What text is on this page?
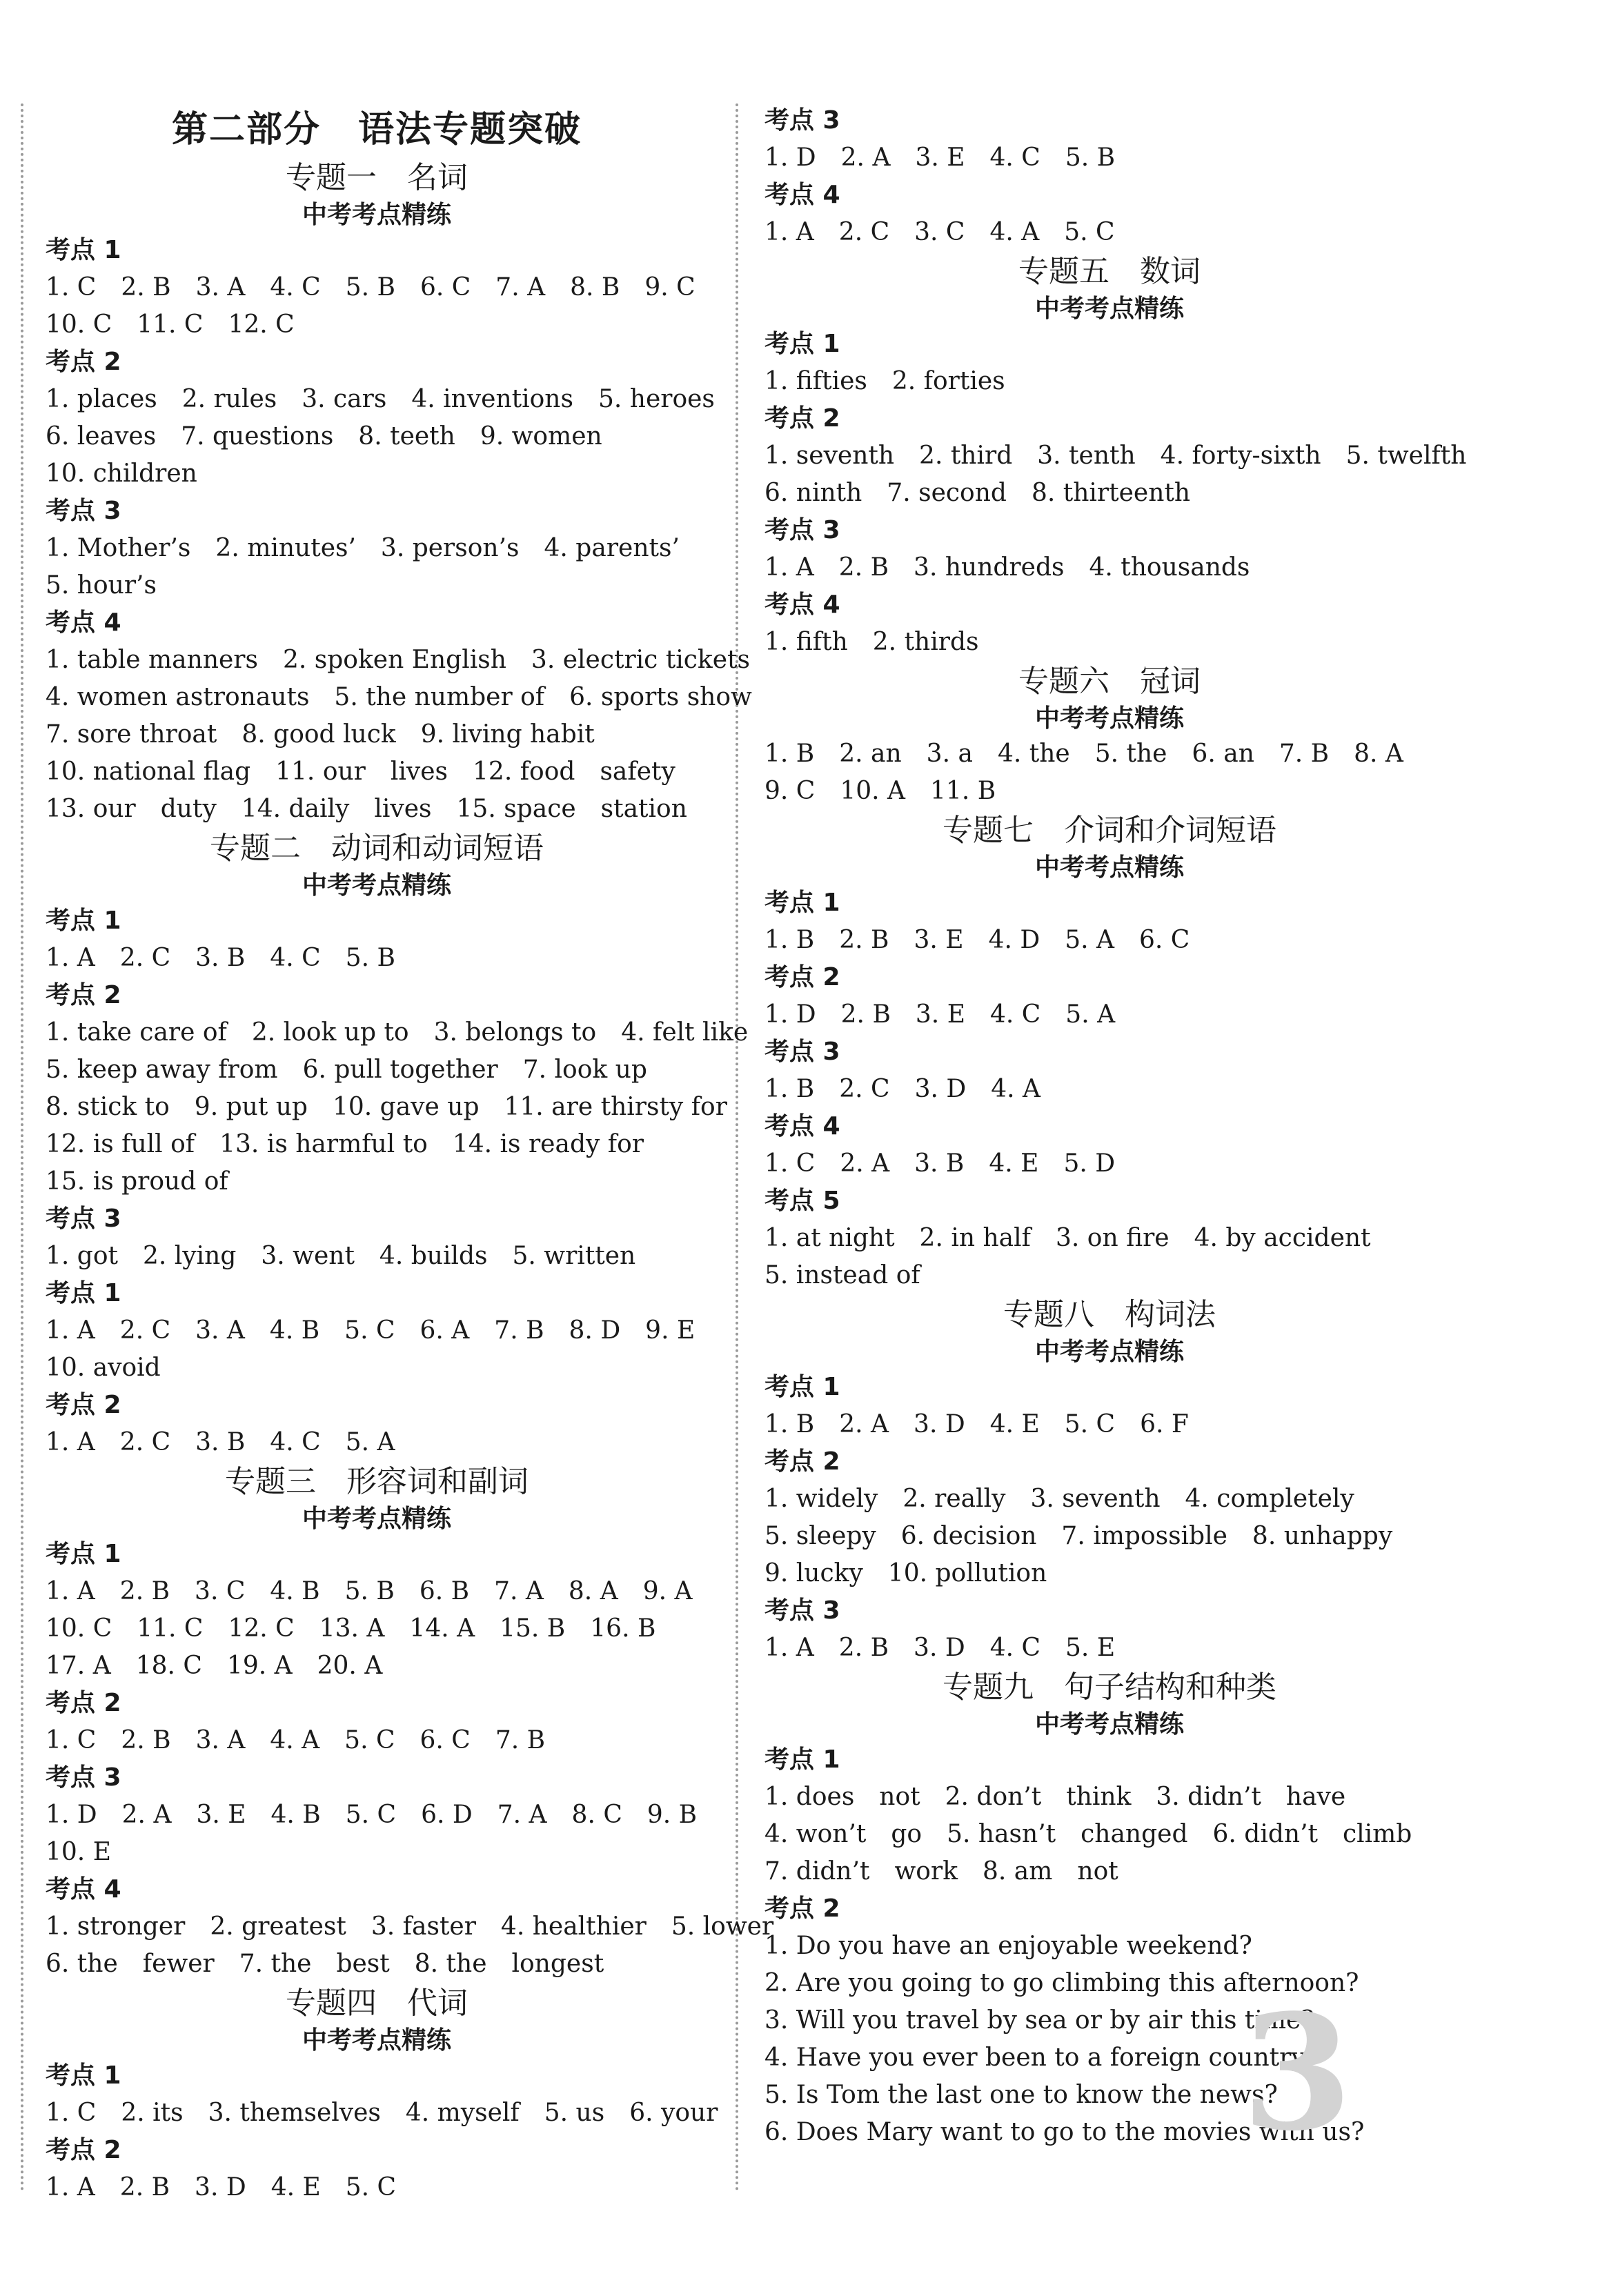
第二部分　语法专题突破
专题一　名词
中考考点精练
考点 1
1. C　2. B　3. A　4. C　5. B　6. C　7. A　8. B　9. C
10. C　11. C　12. C
考点 2
1. places　2. rules　3. cars　4. inventions　5. heroes
6. leaves　7. questions　8. teeth　9. women
10. children
考点 3
1. Mother’s　2. minutes’　3. person’s　4. parents’
5. hour’s
考点 4
1. table manners　2. spoken English　3. electric tickets
4. women astronauts　5. the number of　6. sports show
7. sore throat　8. good luck　9. living habit
10. national flag　11. our　lives　12. food　safety
13. our　duty　14. daily　lives　15. space　station
专题二　动词和动词短语
中考考点精练
考点 1
1. A　2. C　3. B　4. C　5. B
考点 2
1. take care of　2. look up to　3. belongs to　4. felt like
5. keep away from　6. pull together　7. look up
8. stick to　9. put up　10. gave up　11. are thirsty for
12. is full of　13. is harmful to　14. is ready for
15. is proud of
考点 3
1. got　2. lying　3. went　4. builds　5. written
考点 1
1. A　2. C　3. A　4. B　5. C　6. A　7. B　8. D　9. E
10. avoid
考点 2
1. A　2. C　3. B　4. C　5. A
专题三　形容词和副词
中考考点精练
考点 1
1. A　2. B　3. C　4. B　5. B　6. B　7. A　8. A　9. A
10. C　11. C　12. C　13. A　14. A　15. B　16. B
17. A　18. C　19. A　20. A
考点 2
1. C　2. B　3. A　4. A　5. C　6. C　7. B
考点 3
1. D　2. A　3. E　4. B　5. C　6. D　7. A　8. C　9. B
10. E
考点 4
1. stronger　2. greatest　3. faster　4. healthier　5. lower
6. the　fewer　7. the　best　8. the　longest
专题四　代词
中考考点精练
考点 1
1. C　2. its　3. themselves　4. myself　5. us　6. your
考点 2
1. A　2. B　3. D　4. E　5. C
考点 3
1. D　2. A　3. E　4. C　5. B
考点 4
1. A　2. C　3. C　4. A　5. C
专题五　数词
中考考点精练
考点 1
1. fifties　2. forties
考点 2
1. seventh　2. third　3. tenth　4. forty-sixth　5. twelfth
6. ninth　7. second　8. thirteenth
考点 3
1. A　2. B　3. hundreds　4. thousands
考点 4
1. fifth　2. thirds
专题六　冠词
中考考点精练
1. B　2. an　3. a　4. the　5. the　6. an　7. B　8. A
9. C　10. A　11. B
专题七　介词和介词短语
中考考点精练
考点 1
1. B　2. B　3. E　4. D　5. A　6. C
考点 2
1. D　2. B　3. E　4. C　5. A
考点 3
1. B　2. C　3. D　4. A
考点 4
1. C　2. A　3. B　4. E　5. D
考点 5
1. at night　2. in half　3. on fire　4. by accident
5. instead of
专题八　构词法
中考考点精练
考点 1
1. B　2. A　3. D　4. E　5. C　6. F
考点 2
1. widely　2. really　3. seventh　4. completely
5. sleepy　6. decision　7. impossible　8. unhappy
9. lucky　10. pollution
考点 3
1. A　2. B　3. D　4. C　5. E
专题九　句子结构和种类
中考考点精练
考点 1
1. does　not　2. don’t　think　3. didn’t　have
4. won’t　go　5. hasn’t　changed　6. didn’t　climb
7. didn’t　work　8. am　not
考点 2
1. Do you have an enjoyable weekend?
2. Are you going to go climbing this afternoon?
3. Will you travel by sea or by air this time?
4. Have you ever been to a foreign country?
5. Is Tom the last one to know the news?
6. Does Mary want to go to the movies with us?
3
